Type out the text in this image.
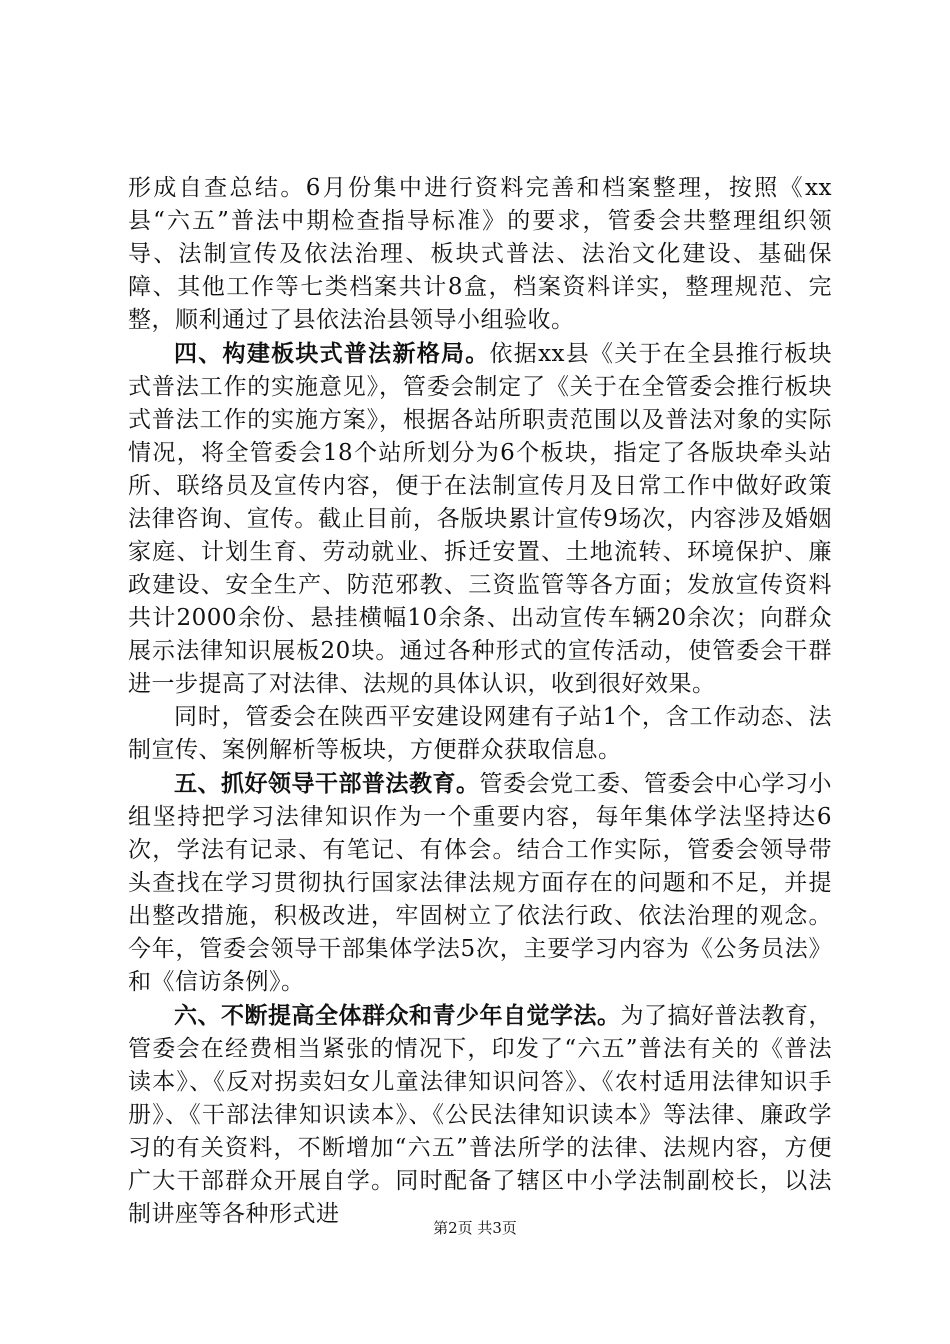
形成自查总结。6月份集中进行资料完善和档案整理，按照《xx县“六五”普法中期检查指导标准》的要求，管委会共整理组织领导、法制宣传及依法治理、板块式普法、法治文化建设、基础保障、其他工作等七类档案共计8盒，档案资料详实，整理规范、完整，顺利通过了县依法治县领导小组验收。

四、构建板块式普法新格局。依据xx县《关于在全县推行板块式普法工作的实施意见》，管委会制定了《关于在全管委会推行板块式普法工作的实施方案》，根据各站所职责范围以及普法对象的实际情况，将全管委会18个站所划分为6个板块，指定了各版块牵头站所、联络员及宣传内容，便于在法制宣传月及日常工作中做好政策法律咨询、宣传。截止目前，各版块累计宣传9场次，内容涉及婚姻家庭、计划生育、劳动就业、拆迁安置、土地流转、环境保护、廉政建设、安全生产、防范邪教、三资监管等各方面；发放宣传资料共计2000余份、悬挂横幅10余条、出动宣传车辆20余次；向群众展示法律知识展板20块。通过各种形式的宣传活动，使管委会干群进一步提高了对法律、法规的具体认识，收到很好效果。

同时，管委会在陕西平安建设网建有子站1个，含工作动态、法制宣传、案例解析等板块，方便群众获取信息。

五、抓好领导干部普法教育。管委会党工委、管委会中心学习小组坚持把学习法律知识作为一个重要内容，每年集体学法坚持达6次，学法有记录、有笔记、有体会。结合工作实际，管委会领导带头查找在学习贯彻执行国家法律法规方面存在的问题和不足，并提出整改措施，积极改进，牢固树立了依法行政、依法治理的观念。今年，管委会领导干部集体学法5次，主要学习内容为《公务员法》和《信访条例》。

六、不断提高全体群众和青少年自觉学法。为了搞好普法教育，管委会在经费相当紧张的情况下，印发了“六五”普法有关的《普法读本》、《反对拐卖妇女儿童法律知识问答》、《农村适用法律知识手册》、《干部法律知识读本》、《公民法律知识读本》等法律、廉政学习的有关资料，不断增加“六五”普法所学的法律、法规内容，方便广大干部群众开展自学。同时配备了辖区中小学法制副校长，以法制讲座等各种形式进

第2页 共3页
